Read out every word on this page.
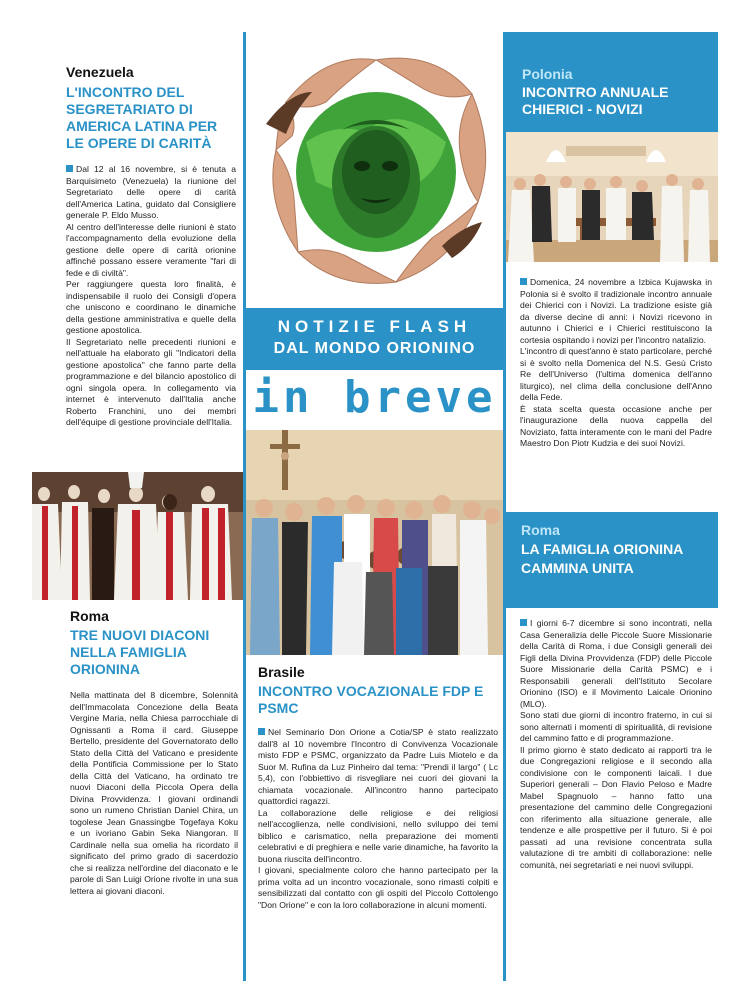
Venezuela
L'INCONTRO DEL SEGRETARIATO DI AMERICA LATINA PER LE OPERE DI CARITÀ

Dal 12 al 16 novembre, si è tenuta a Barquisimeto (Venezuela) la riunione del Segretariato delle opere di carità dell'America Latina, guidato dal Consigliere generale P. Eldo Musso.

Al centro dell'interesse delle riunioni è stato l'accompagnamento della evoluzione della gestione delle opere di carità orionine affinché possano essere veramente "fari di fede e di civiltà".

Per raggiungere questa loro finalità, è indispensabile il ruolo dei Consigli d'opera che uniscono e coordinano le dinamiche della gestione amministrativa e quelle della gestione apostolica.

Il Segretariato nelle precedenti riunioni e nell'attuale ha elaborato gli "Indicatori della gestione apostolica" che fanno parte della programmazione e del bilancio apostolico di ogni singola opera. In collegamento via internet è intervenuto dall'Italia anche Roberto Franchini, uno dei membri dell'équipe di gestione provinciale dell'Italia.

Roma
TRE NUOVI DIACONI NELLA FAMIGLIA ORIONINA

Nella mattinata del 8 dicembre, Solennità dell'Immacolata Concezione della Beata Vergine Maria, nella Chiesa parrocchiale di Ognissanti a Roma il card. Giuseppe Bertello, presidente del Governatorato dello Stato della Città del Vaticano e presidente della Pontificia Commissione per lo Stato della Città del Vaticano, ha ordinato tre nuovi Diaconi della Piccola Opera della Divina Provvidenza. I giovani ordinandi sono un rumeno Christian Daniel Chira, un togolese Jean Gnassingbe Togefaya Koku e un ivoriano Gabin Seka Niangoran. Il Cardinale nella sua omelia ha ricordato il significato del primo grado di sacerdozio che si realizza nell'ordine del diaconato e le parole di San Luigi Orione rivolte in una sua lettera ai giovani diaconi.

NOTIZIE FLASH
DAL MONDO ORIONINO
in breve
Brasile
INCONTRO VOCAZIONALE FDP E PSMC

Nel Seminario Don Orione a Cotia/SP è stato realizzato dall'8 al 10 novembre l'Incontro di Convivenza Vocazionale misto FDP e PSMC, organizzato da Padre Luis Miotelo e da Suor M. Rufina da Luz Pinheiro dal tema: "Prendi il largo" ( Lc 5,4), con l'obbiettivo di risvegliare nei cuori dei giovani la chiamata vocazionale. All'incontro hanno partecipato quattordici ragazzi.

La collaborazione delle religiose e dei religiosi nell'accoglienza, nelle condivisioni, nello sviluppo dei temi biblico e carismatico, nella preparazione dei momenti celebrativi e di preghiera e nelle varie dinamiche, ha favorito la buona riuscita dell'incontro.

I giovani, specialmente coloro che hanno partecipato per la prima volta ad un incontro vocazionale, sono rimasti colpiti e sensibilizzati dal contatto con gli ospiti del Piccolo Cottolengo "Don Orione" e con la loro collaborazione in alcuni momenti.

Polonia
INCONTRO ANNUALE CHIERICI - NOVIZI

Domenica, 24 novembre a Izbica Kujawska in Polonia si è svolto il tradizionale incontro annuale dei Chierici con i Novizi. La tradizione esiste già da diverse decine di anni: i Novizi ricevono in autunno i Chierici e i Chierici restituiscono la cortesia ospitando i novizi per l'incontro natalizio.

L'incontro di quest'anno è stato particolare, perché si è svolto nella Domenica del N.S. Gesù Cristo Re dell'Universo (l'ultima domenica dell'anno liturgico), nel clima della conclusione dell'Anno della Fede.

È stata scelta questa occasione anche per l'inaugurazione della nuova cappella del Noviziato, fatta interamente con le mani del Padre Maestro Don Piotr Kudzia e dei suoi Novizi.

Roma
LA FAMIGLIA ORIONINA CAMMINA UNITA

I giorni 6-7 dicembre si sono incontrati, nella Casa Generalizia delle Piccole Suore Missionarie della Carità di Roma, i due Consigli generali dei Figli della Divina Provvidenza (FDP) delle Piccole Suore Missionarie della Carità PSMC) e i Responsabili generali dell'Istituto Secolare Orionino (ISO) e il Movimento Laicale Orionino (MLO).

Sono stati due giorni di incontro fraterno, in cui si sono alternati i momenti di spiritualità, di revisione del cammino fatto e di programmazione.

Il primo giorno è stato dedicato ai rapporti tra le due Congregazioni religiose e il secondo alla condivisione con le componenti laicali. I due Superiori generali – Don Flavio Peloso e Madre Mabel Spagnuolo – hanno fatto una presentazione del cammino delle Congregazioni con riferimento alla situazione generale, alle tendenze e alle prospettive per il futuro. Si è poi passati ad una revisione concentrata sulla valutazione di tre ambiti di collaborazione: nelle comunità, nei segretariati e nei nuovi sviluppi.
